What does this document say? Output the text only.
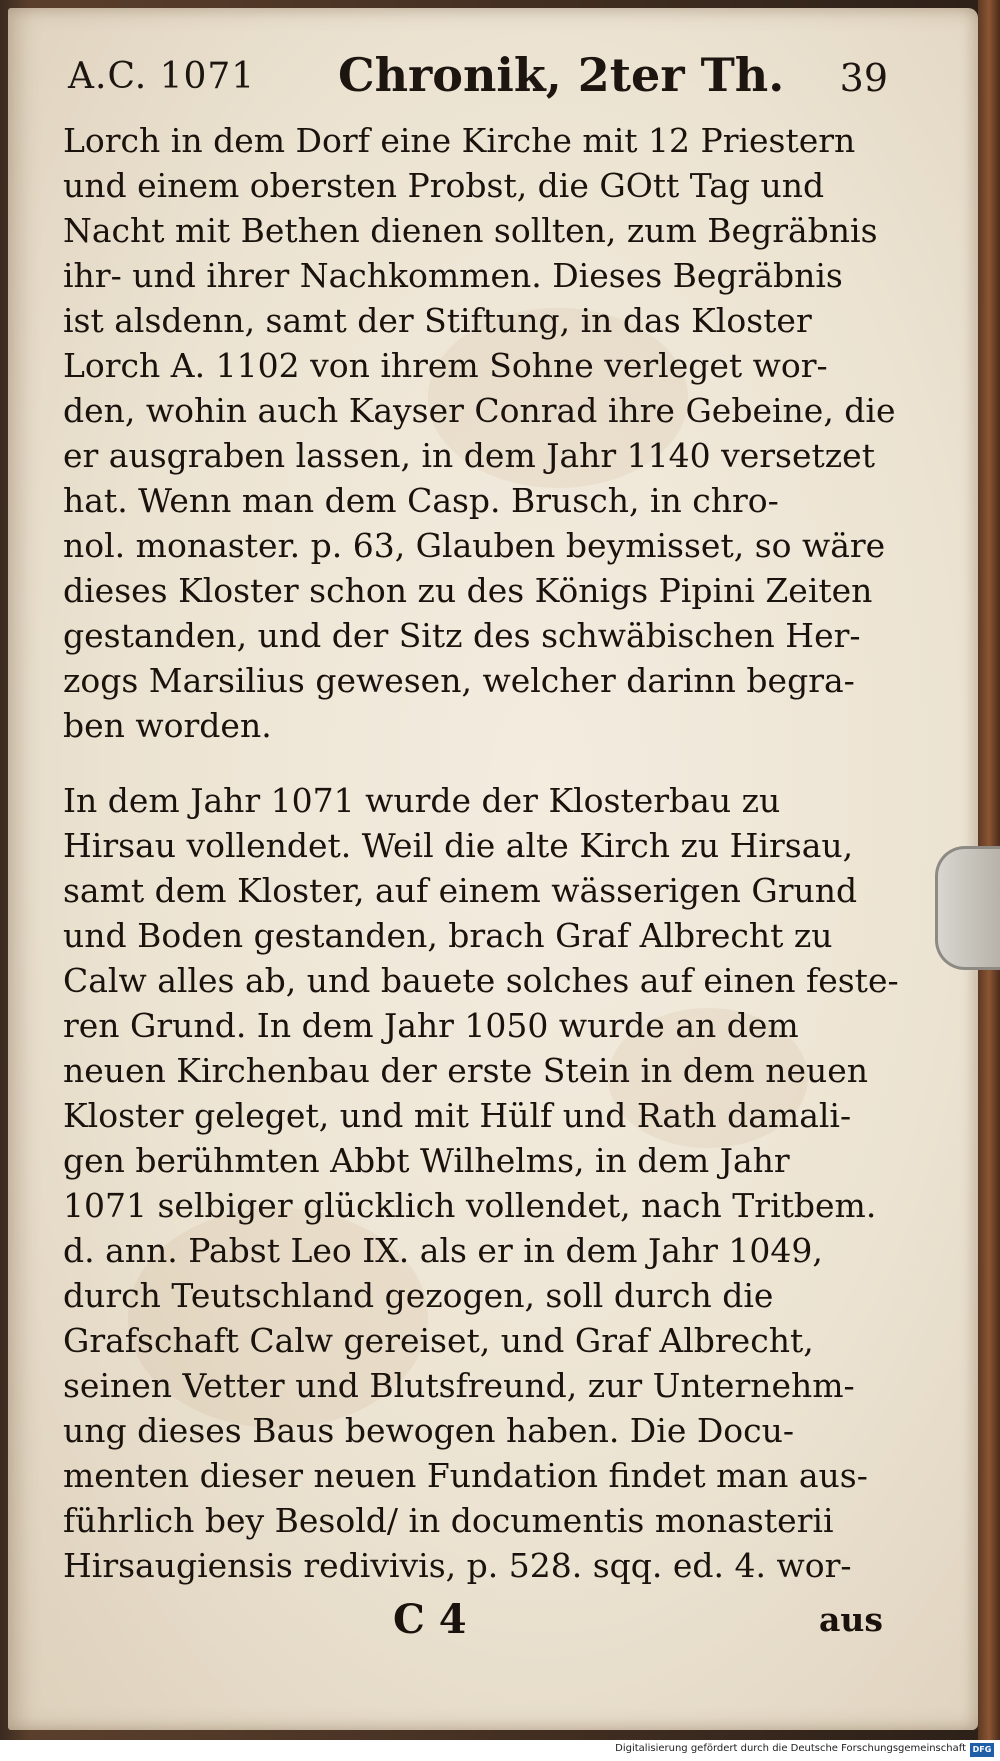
A.C. 1071 Chronik, 2ter Th. 39
Lorch in dem Dorf eine Kirche mit 12 Priestern
und einem obersten Probst, die GOtt Tag und
Nacht mit Bethen dienen sollten, zum Begräbnis
ihr- und ihrer Nachkommen. Dieses Begräbnis
ist alsdenn, samt der Stiftung, in das Kloster
Lorch A. 1102 von ihrem Sohne verleget wor-
den, wohin auch Kayser Conrad ihre Gebeine, die
er ausgraben lassen, in dem Jahr 1140 versetzet
hat. Wenn man dem Casp. Brusch, in chro-
nol. monaster. p. 63, Glauben beymisset, so wäre
dieses Kloster schon zu des Königs Pipini Zeiten
gestanden, und der Sitz des schwäbischen Her-
zogs Marsilius gewesen, welcher darinn begra-
ben worden.
In dem Jahr 1071 wurde der Klosterbau zu
Hirsau vollendet. Weil die alte Kirch zu Hirsau,
samt dem Kloster, auf einem wässerigen Grund
und Boden gestanden, brach Graf Albrecht zu
Calw alles ab, und bauete solches auf einen feste-
ren Grund. In dem Jahr 1050 wurde an dem
neuen Kirchenbau der erste Stein in dem neuen
Kloster geleget, und mit Hülf und Rath damali-
gen berühmten Abbt Wilhelms, in dem Jahr
1071 selbiger glücklich vollendet, nach Tritbem.
d. ann. Pabst Leo IX. als er in dem Jahr 1049,
durch Teutschland gezogen, soll durch die
Grafschaft Calw gereiset, und Graf Albrecht,
seinen Vetter und Blutsfreund, zur Unternehm-
ung dieses Baus bewogen haben. Die Docu-
menten dieser neuen Fundation findet man aus-
führlich bey Besold/ in documentis monasterii
Hirsaugiensis redivivis, p. 528. sqq. ed. 4. wor-
C 4	aus
Digitalisierung gefördert durch die Deutsche Forschungsgemeinschaft DFG
